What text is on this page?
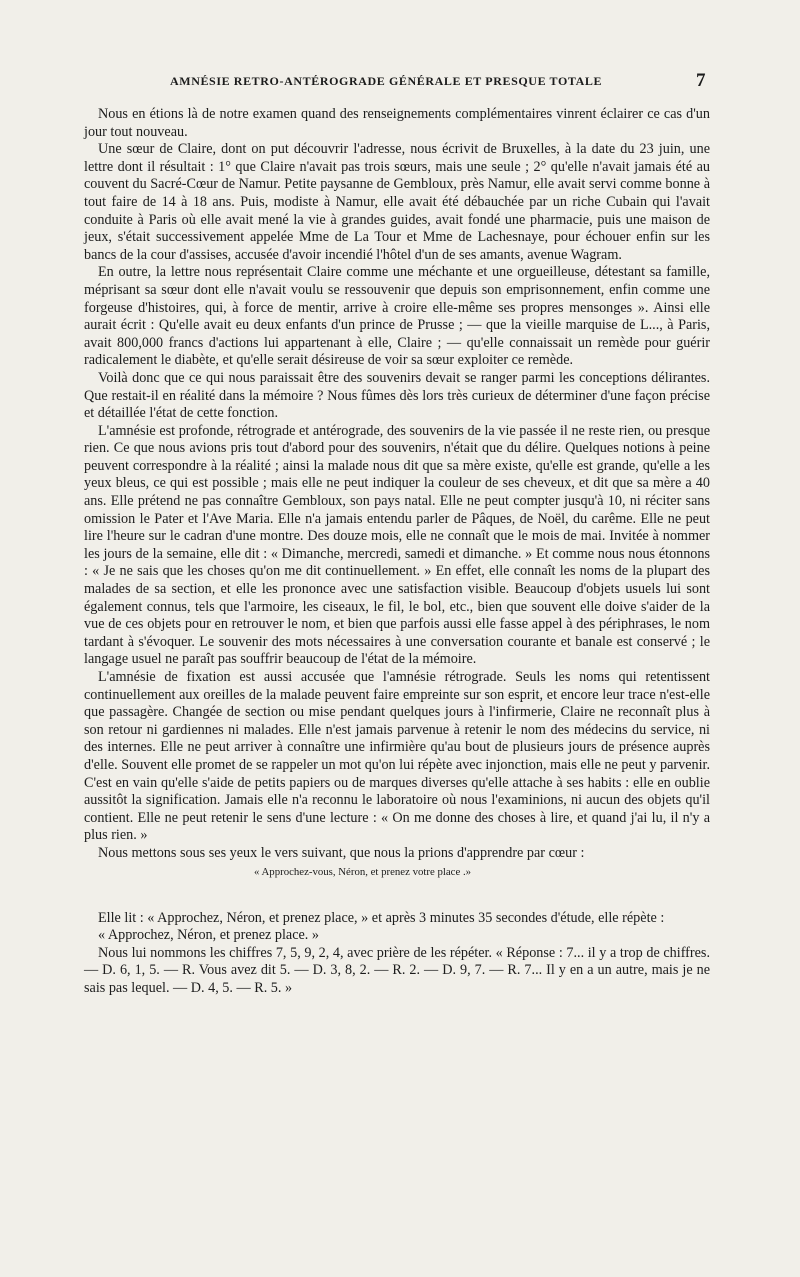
AMNÉSIE RETRO-ANTÉROGRADE GÉNÉRALE ET PRESQUE TOTALE	7

Nous en étions là de notre examen quand des renseignements complémentaires vinrent éclairer ce cas d'un jour tout nouveau.

Une sœur de Claire, dont on put découvrir l'adresse, nous écrivit de Bruxelles, à la date du 23 juin, une lettre dont il résultait : 1° que Claire n'avait pas trois sœurs, mais une seule ; 2° qu'elle n'avait jamais été au couvent du Sacré-Cœur de Namur. Petite paysanne de Gembloux, près Namur, elle avait servi comme bonne à tout faire de 14 à 18 ans. Puis, modiste à Namur, elle avait été débauchée par un riche Cubain qui l'avait conduite à Paris où elle avait mené la vie à grandes guides, avait fondé une pharmacie, puis une maison de jeux, s'était successivement appelée Mme de La Tour et Mme de Lachesnaye, pour échouer enfin sur les bancs de la cour d'assises, accusée d'avoir incendié l'hôtel d'un de ses amants, avenue Wagram.

En outre, la lettre nous représentait Claire comme une méchante et une orgueilleuse, détestant sa famille, méprisant sa sœur dont elle n'avait voulu se ressouvenir que depuis son emprisonnement, enfin comme une forgeuse d'histoires, qui, à force de mentir, arrive à croire elle-même ses propres mensonges ». Ainsi elle aurait écrit : Qu'elle avait eu deux enfants d'un prince de Prusse ; — que la vieille marquise de L..., à Paris, avait 800,000 francs d'actions lui appartenant à elle, Claire ; — qu'elle connaissait un remède pour guérir radicalement le diabète, et qu'elle serait désireuse de voir sa sœur exploiter ce remède.

Voilà donc que ce qui nous paraissait être des souvenirs devait se ranger parmi les conceptions délirantes. Que restait-il en réalité dans la mémoire ? Nous fûmes dès lors très curieux de déterminer d'une façon précise et détaillée l'état de cette fonction.

L'amnésie est profonde, rétrograde et antérograde, des souvenirs de la vie passée il ne reste rien, ou presque rien. Ce que nous avions pris tout d'abord pour des souvenirs, n'était que du délire. Quelques notions à peine peuvent correspondre à la réalité ; ainsi la malade nous dit que sa mère existe, qu'elle est grande, qu'elle a les yeux bleus, ce qui est possible ; mais elle ne peut indiquer la couleur de ses cheveux, et dit que sa mère a 40 ans. Elle prétend ne pas connaître Gembloux, son pays natal. Elle ne peut compter jusqu'à 10, ni réciter sans omission le Pater et l'Ave Maria. Elle n'a jamais entendu parler de Pâques, de Noël, du carême. Elle ne peut lire l'heure sur le cadran d'une montre. Des douze mois, elle ne connaît que le mois de mai. Invitée à nommer les jours de la semaine, elle dit : « Dimanche, mercredi, samedi et dimanche. » Et comme nous nous étonnons : « Je ne sais que les choses qu'on me dit continuellement. » En effet, elle connaît les noms de la plupart des malades de sa section, et elle les prononce avec une satisfaction visible. Beaucoup d'objets usuels lui sont également connus, tels que l'armoire, les ciseaux, le fil, le bol, etc., bien que souvent elle doive s'aider de la vue de ces objets pour en retrouver le nom, et bien que parfois aussi elle fasse appel à des périphrases, le nom tardant à s'évoquer. Le souvenir des mots nécessaires à une conversation courante et banale est conservé ; le langage usuel ne paraît pas souffrir beaucoup de l'état de la mémoire.

L'amnésie de fixation est aussi accusée que l'amnésie rétrograde. Seuls les noms qui retentissent continuellement aux oreilles de la malade peuvent faire empreinte sur son esprit, et encore leur trace n'est-elle que passagère. Changée de section ou mise pendant quelques jours à l'infirmerie, Claire ne reconnaît plus à son retour ni gardiennes ni malades. Elle n'est jamais parvenue à retenir le nom des médecins du service, ni des internes. Elle ne peut arriver à connaître une infirmière qu'au bout de plusieurs jours de présence auprès d'elle. Souvent elle promet de se rappeler un mot qu'on lui répète avec injonction, mais elle ne peut y parvenir. C'est en vain qu'elle s'aide de petits papiers ou de marques diverses qu'elle attache à ses habits : elle en oublie aussitôt la signification. Jamais elle n'a reconnu le laboratoire où nous l'examinions, ni aucun des objets qu'il contient. Elle ne peut retenir le sens d'une lecture : « On me donne des choses à lire, et quand j'ai lu, il n'y a plus rien. »

Nous mettons sous ses yeux le vers suivant, que nous la prions d'apprendre par cœur :

« Approchez-vous, Néron, et prenez votre place .»

Elle lit : « Approchez, Néron, et prenez place, » et après 3 minutes 35 secondes d'étude, elle répète :

« Approchez, Néron, et prenez place. »

Nous lui nommons les chiffres 7, 5, 9, 2, 4, avec prière de les répéter. « Réponse : 7... il y a trop de chiffres. — D. 6, 1, 5. — R. Vous avez dit 5. — D. 3, 8, 2. — R. 2. — D. 9, 7. — R. 7... Il y en a un autre, mais je ne sais pas lequel. — D. 4, 5. — R. 5. »
